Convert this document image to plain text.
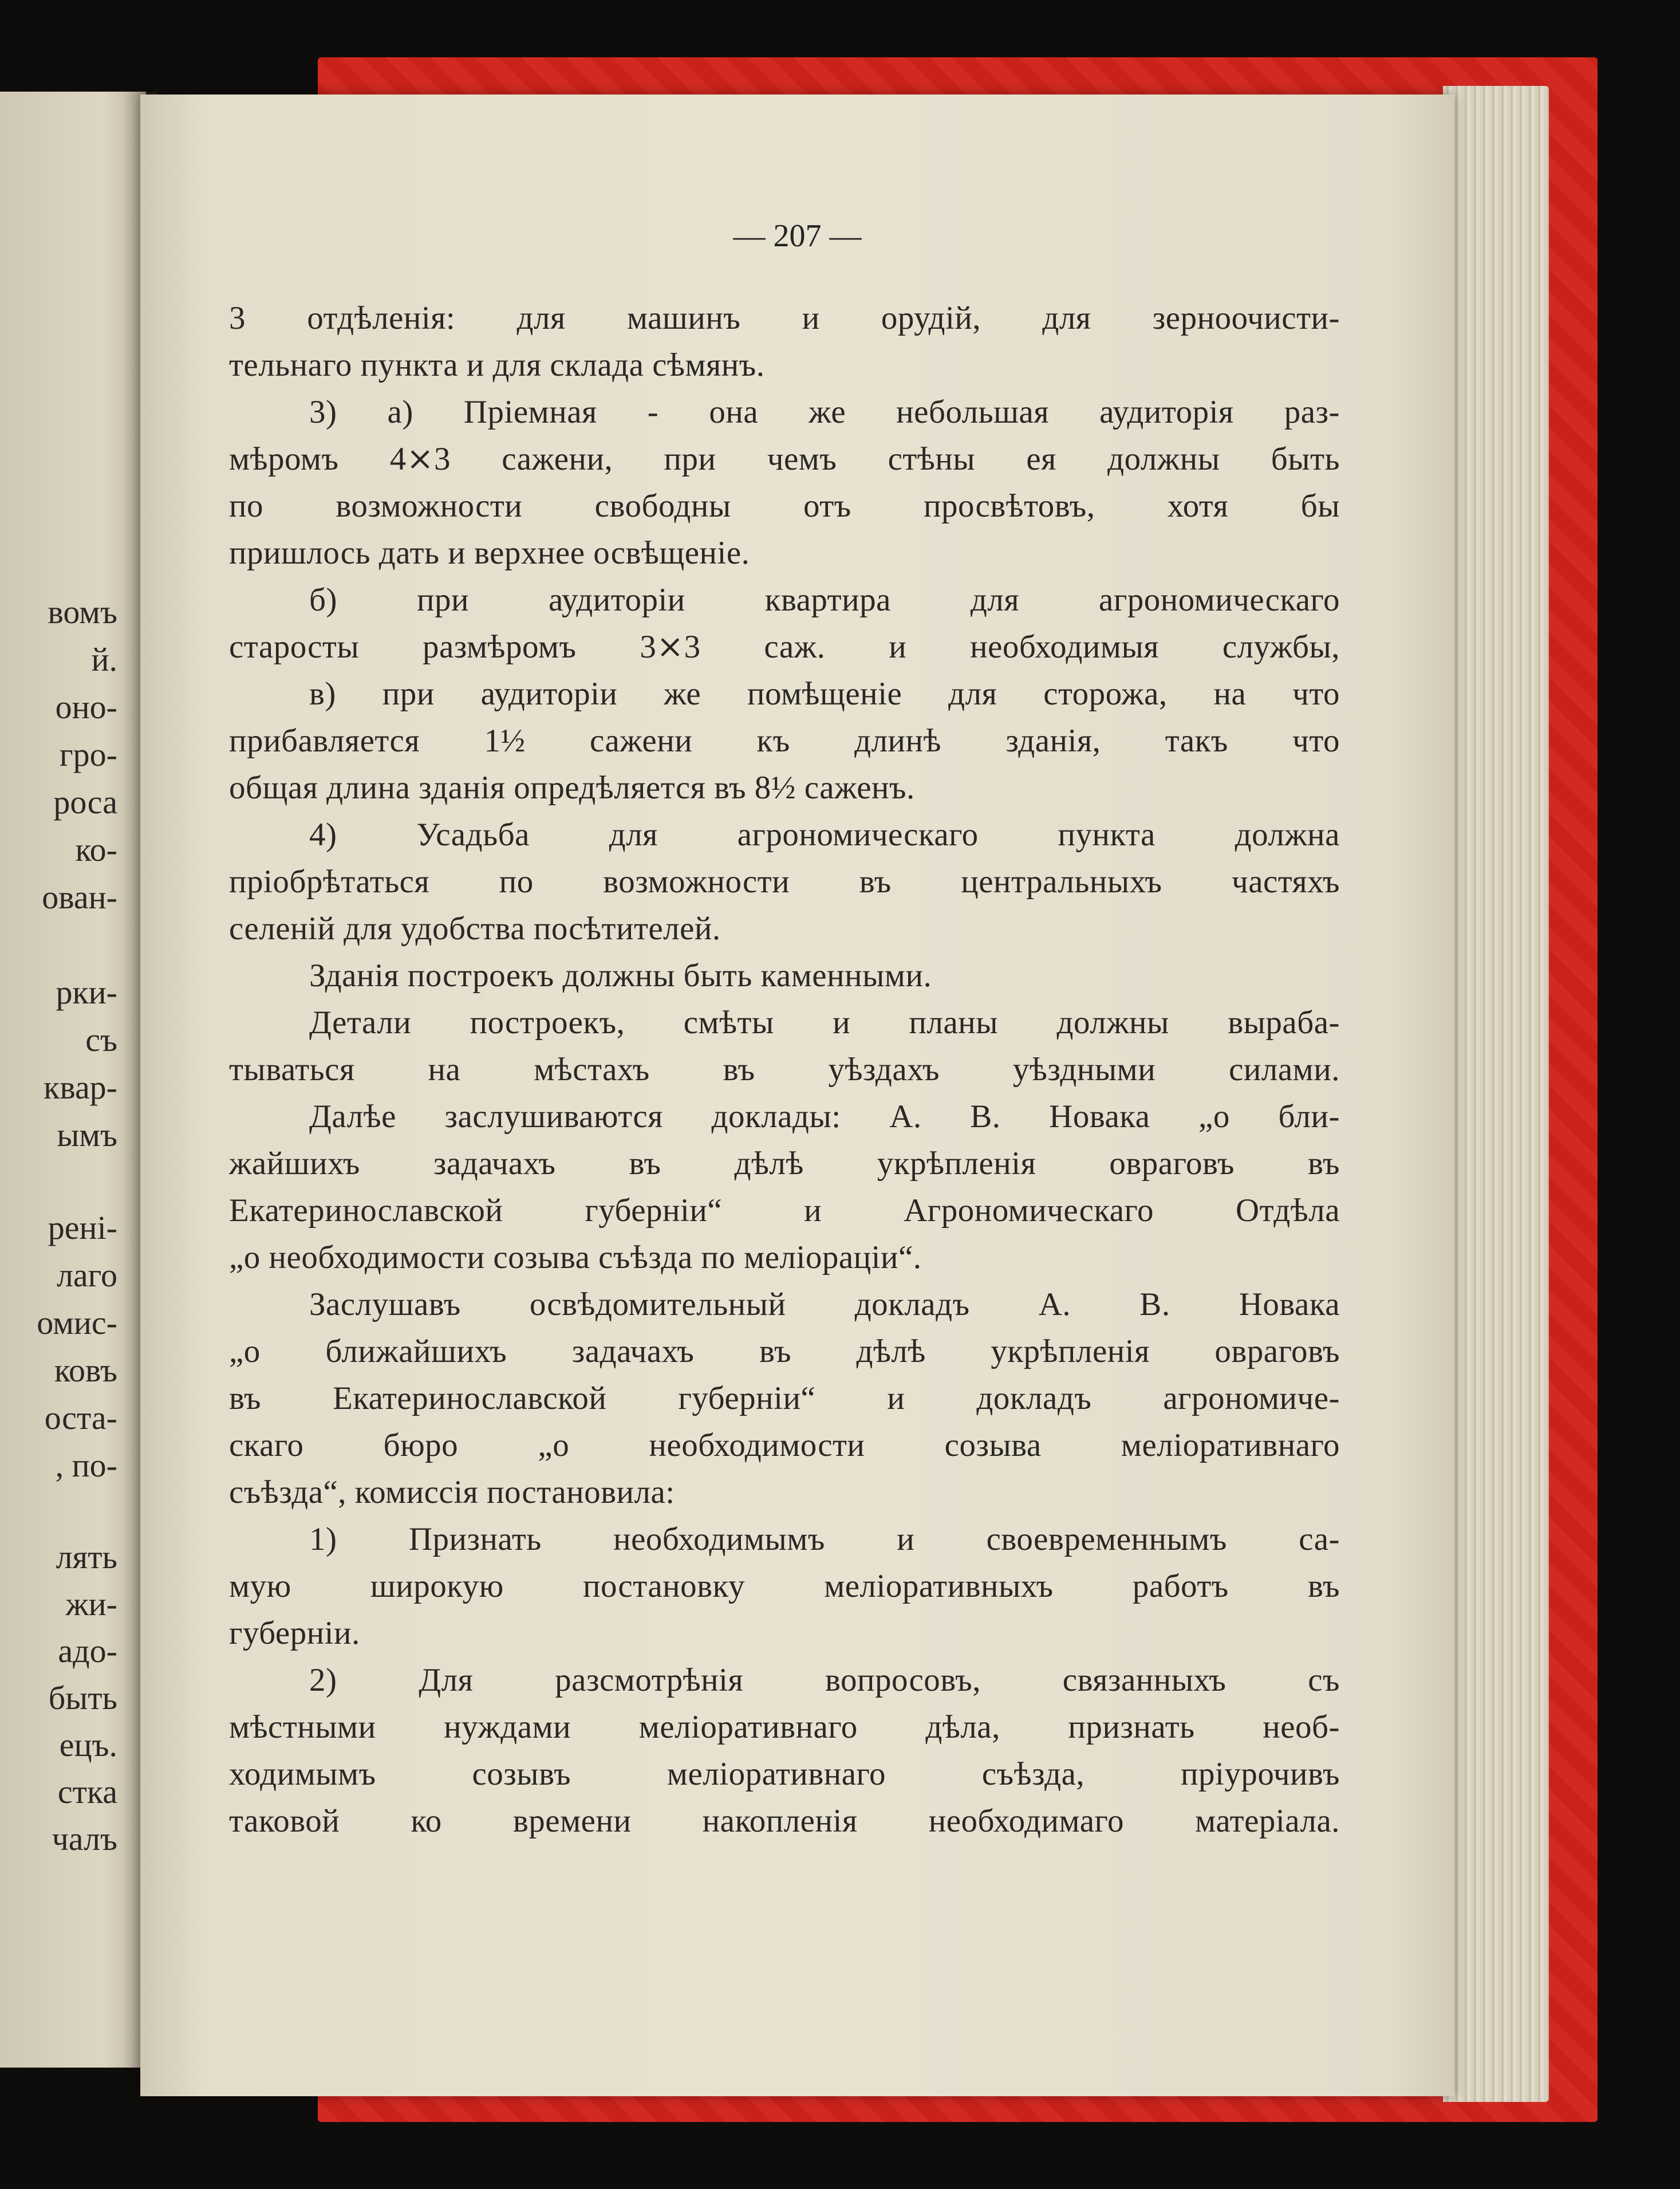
вомъ
й.
оно-
гро-
роса
ко-
ован-
рки-
съ
квар-
ымъ
рені-
лаго
омис-
ковъ
оста-
, по-
лять
жи-
адо-
быть
ецъ.
стка
чалъ
— 207 —
3 отдѣленія: для машинъ и орудій, для зерноочисти-
тельнаго пункта и для склада сѣмянъ.
3) а) Пріемная - она же небольшая аудиторія раз-
мѣромъ 4⨯3 сажени, при чемъ стѣны ея должны быть
по возможности свободны отъ просвѣтовъ, хотя бы
пришлось дать и верхнее освѣщеніе.
б) при аудиторіи квартира для агрономическаго
старосты размѣромъ 3⨯3 саж. и необходимыя службы,
в) при аудиторіи же помѣщеніе для сторожа, на что
прибавляется 1½ сажени къ длинѣ зданія, такъ что
общая длина зданія опредѣляется въ 8½ саженъ.
4) Усадьба для агрономическаго пункта должна
пріобрѣтаться по возможности въ центральныхъ частяхъ
селеній для удобства посѣтителей.
Зданія построекъ должны быть каменными.
Детали построекъ, смѣты и планы должны выраба-
тываться на мѣстахъ въ уѣздахъ уѣздными силами.
Далѣе заслушиваются доклады: А. В. Новака „о бли-
жайшихъ задачахъ въ дѣлѣ укрѣпленія овраговъ въ
Екатеринославской губерніи“ и Агрономическаго Отдѣла
„о необходимости созыва съѣзда по меліораціи“.
Заслушавъ освѣдомительный докладъ А. В. Новака
„о ближайшихъ задачахъ въ дѣлѣ укрѣпленія овраговъ
въ Екатеринославской губерніи“ и докладъ агрономиче-
скаго бюро „о необходимости созыва меліоративнаго
съѣзда“, комиссія постановила:
1) Признать необходимымъ и своевременнымъ са-
мую широкую постановку меліоративныхъ работъ въ
губерніи.
2) Для разсмотрѣнія вопросовъ, связанныхъ съ
мѣстными нуждами меліоративнаго дѣла, признать необ-
ходимымъ созывъ меліоративнаго съѣзда, пріурочивъ
таковой ко времени накопленія необходимаго матеріала.
